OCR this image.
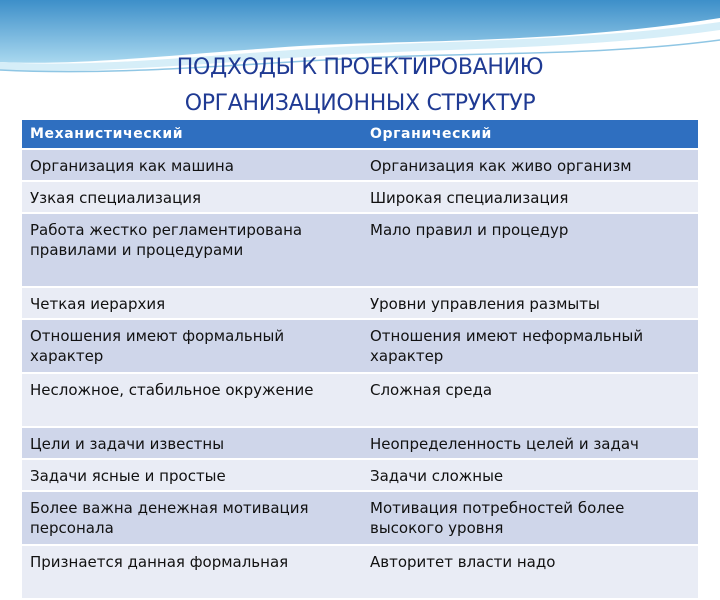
ПОДХОДЫ К ПРОЕКТИРОВАНИЮ
ОРГАНИЗАЦИОННЫХ СТРУКТУР
Механистический	Органический
Организация как машина	Организация как живо организм
Узкая специализация	Широкая специализация
Работа жестко регламентирована правилами и процедурами	Мало правил и процедур
Четкая иерархия	Уровни управления размыты
Отношения имеют формальный характер	Отношения имеют неформальный характер
Несложное, стабильное окружение	Сложная среда
Цели и задачи известны	Неопределенность целей и задач
Задачи ясные и простые	Задачи сложные
Более важна денежная мотивация персонала	Мотивация потребностей более высокого уровня
Признается данная формальная	Авторитет власти надо
